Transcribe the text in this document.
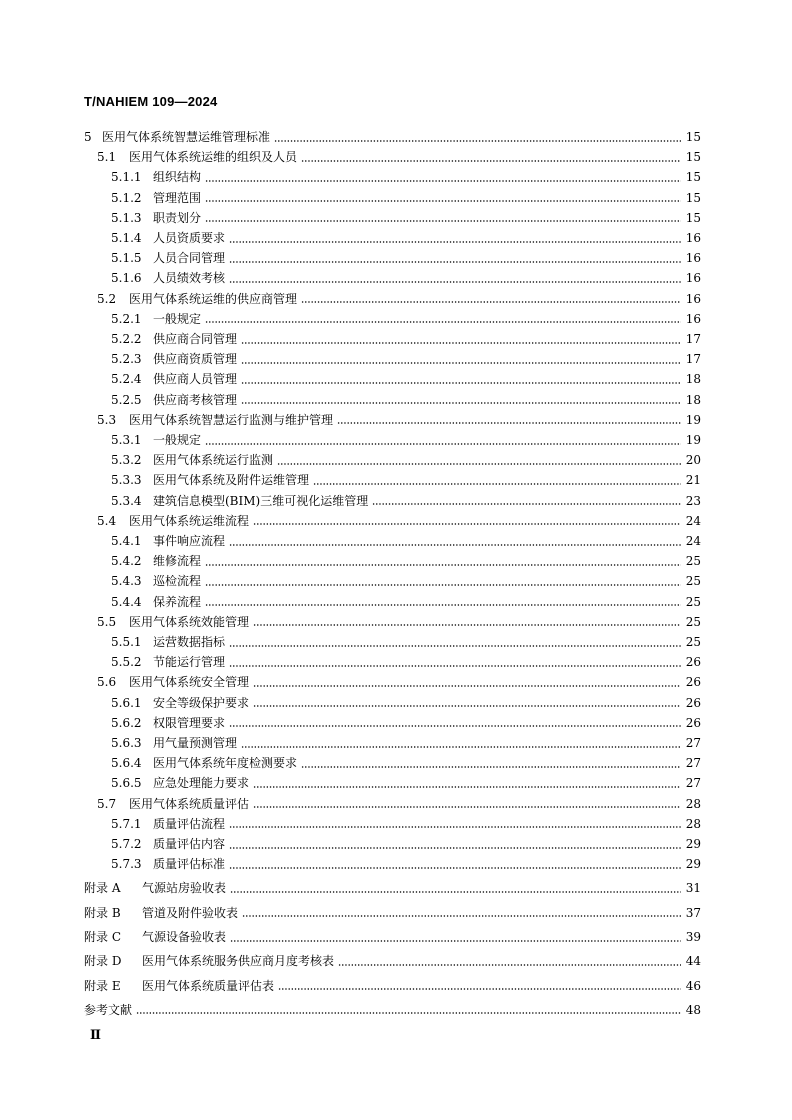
T/NAHIEM 109—2024
5 医用气体系统智慧运维管理标准	15
5.1	医用气体系统运维的组织及人员	15
5.1.1 组织结构	15
5.1.2 管理范围	15
5.1.3 职责划分	15
5.1.4 人员资质要求	16
5.1.5 人员合同管理	16
5.1.6 人员绩效考核	16
5.2	医用气体系统运维的供应商管理	16
5.2.1 一般规定	16
5.2.2 供应商合同管理	17
5.2.3 供应商资质管理	17
5.2.4 供应商人员管理	18
5.2.5 供应商考核管理	18
5.3	医用气体系统智慧运行监测与维护管理	19
5.3.1 一般规定	19
5.3.2 医用气体系统运行监测	20
5.3.3 医用气体系统及附件运维管理	21
5.3.4 建筑信息模型(BIM)三维可视化运维管理	23
5.4	医用气体系统运维流程	24
5.4.1 事件响应流程	24
5.4.2 维修流程	25
5.4.3 巡检流程	25
5.4.4 保养流程	25
5.5	医用气体系统效能管理	25
5.5.1 运营数据指标	25
5.5.2 节能运行管理	26
5.6	医用气体系统安全管理	26
5.6.1 安全等级保护要求	26
5.6.2 权限管理要求	26
5.6.3 用气量预测管理	27
5.6.4 医用气体系统年度检测要求	27
5.6.5 应急处理能力要求	27
5.7	医用气体系统质量评估	28
5.7.1 质量评估流程	28
5.7.2 质量评估内容	29
5.7.3 质量评估标准	29
附录 A	气源站房验收表	31
附录 B	管道及附件验收表	37
附录 C	气源设备验收表	39
附录 D	医用气体系统服务供应商月度考核表	44
附录 E	医用气体系统质量评估表	46
参考文献	48
Ⅱ
